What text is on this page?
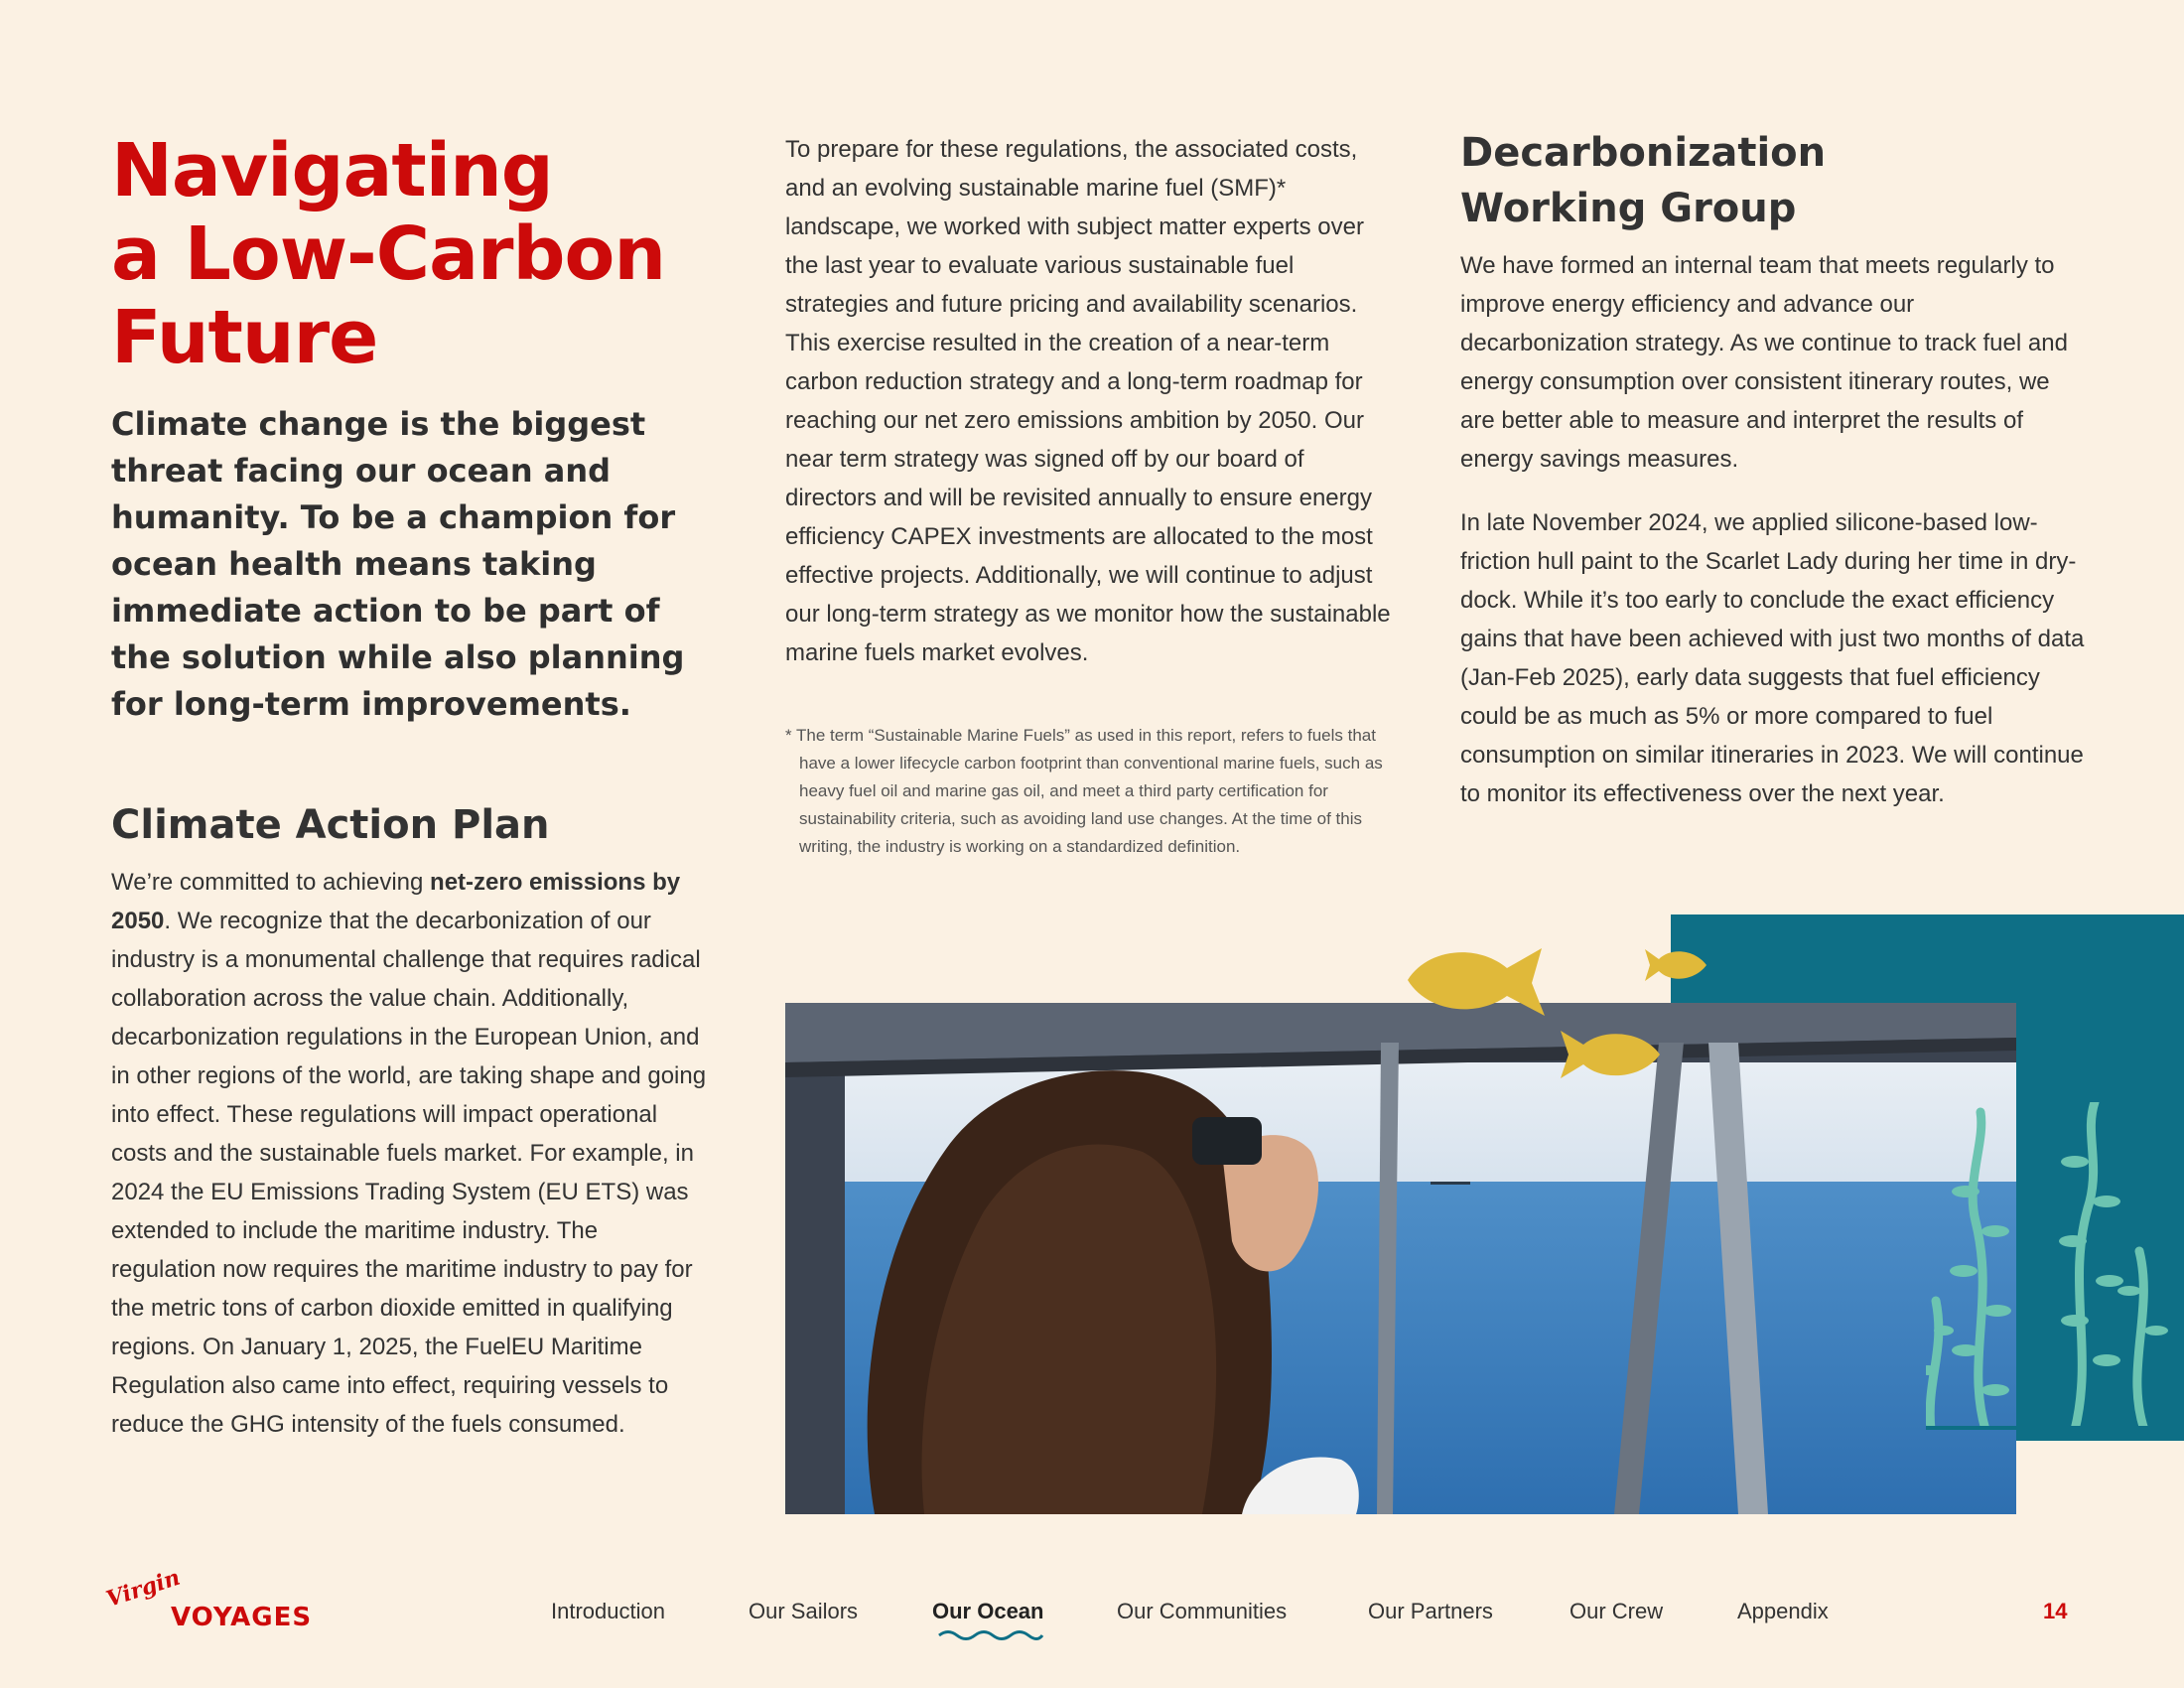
Navigating
a Low-Carbon
Future

Climate change is the biggest threat facing our ocean and humanity. To be a champion for ocean health means taking immediate action to be part of the solution while also planning for long-term improvements.

Climate Action Plan

We’re committed to achieving net-zero emissions by 2050. We recognize that the decarbonization of our industry is a monumental challenge that requires radical collaboration across the value chain. Additionally, decarbonization regulations in the European Union, and in other regions of the world, are taking shape and going into effect. These regulations will impact operational costs and the sustainable fuels market. For example, in 2024 the EU Emissions Trading System (EU ETS) was extended to include the maritime industry. The regulation now requires the maritime industry to pay for the metric tons of carbon dioxide emitted in qualifying regions. On January 1, 2025, the FuelEU Maritime Regulation also came into effect, requiring vessels to reduce the GHG intensity of the fuels consumed.

To prepare for these regulations, the associated costs, and an evolving sustainable marine fuel (SMF)* landscape, we worked with subject matter experts over the last year to evaluate various sustainable fuel strategies and future pricing and availability scenarios. This exercise resulted in the creation of a near-term carbon reduction strategy and a long-term roadmap for reaching our net zero emissions ambition by 2050. Our near term strategy was signed off by our board of directors and will be revisited annually to ensure energy efficiency CAPEX investments are allocated to the most effective projects. Additionally, we will continue to adjust our long-term strategy as we monitor how the sustainable marine fuels market evolves.

* The term “Sustainable Marine Fuels” as used in this report, refers to fuels that have a lower lifecycle carbon footprint than conventional marine fuels, such as heavy fuel oil and marine gas oil, and meet a third party certification for sustainability criteria, such as avoiding land use changes. At the time of this writing, the industry is working on a standardized definition.

Decarbonization
Working Group

We have formed an internal team that meets regularly to improve energy efficiency and advance our decarbonization strategy. As we continue to track fuel and energy consumption over consistent itinerary routes, we are better able to measure and interpret the results of energy savings measures.

In late November 2024, we applied silicone-based low-friction hull paint to the Scarlet Lady during her time in dry-dock. While it’s too early to conclude the exact efficiency gains that have been achieved with just two months of data (Jan-Feb 2025), early data suggests that fuel efficiency could be as much as 5% or more compared to fuel consumption on similar itineraries in 2023. We will continue to monitor its effectiveness over the next year.

Virgin
VOYAGES	Introduction	Our Sailors	Our Ocean	Our Communities	Our Partners	Our Crew	Appendix	14
